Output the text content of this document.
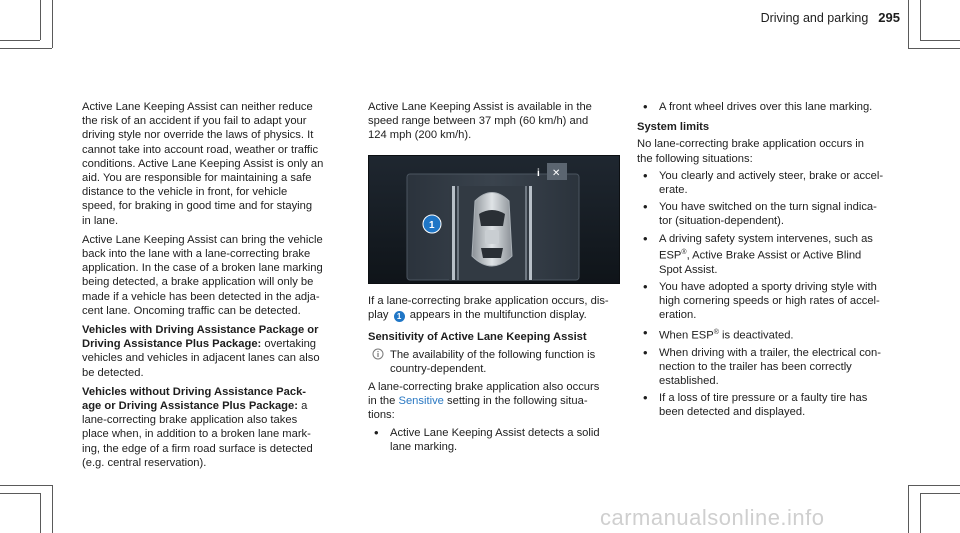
Driving and parking 295
Active Lane Keeping Assist can neither reduce
the risk of an accident if you fail to adapt your
driving style nor override the laws of physics. It
cannot take into account road, weather or traffic
conditions. Active Lane Keeping Assist is only an
aid. You are responsible for maintaining a safe
distance to the vehicle in front, for vehicle
speed, for braking in good time and for staying
in lane.
Active Lane Keeping Assist can bring the vehicle
back into the lane with a lane-correcting brake
application. In the case of a broken lane marking
being detected, a brake application will only be
made if a vehicle has been detected in the adja-
cent lane. Oncoming traffic can be detected.
Vehicles with Driving Assistance Package or
Driving Assistance Plus Package: overtaking
vehicles and vehicles in adjacent lanes can also
be detected.
Vehicles without Driving Assistance Pack-
age or Driving Assistance Plus Package: a
lane-correcting brake application also takes
place when, in addition to a broken lane mark-
ing, the edge of a firm road surface is detected
(e.g. central reservation).
Active Lane Keeping Assist is available in the
speed range between 37 mph (60 km/h) and
124 mph (200 km/h).
i ✕
1
If a lane-correcting brake application occurs, dis-
play 1 appears in the multifunction display.
Sensitivity of Active Lane Keeping Assist
The availability of the following function is
country-dependent.
A lane-correcting brake application also occurs
in the Sensitive setting in the following situa-
tions:
• Active Lane Keeping Assist detects a solid
lane marking.
• A front wheel drives over this lane marking.
System limits
No lane-correcting brake application occurs in
the following situations:
• You clearly and actively steer, brake or accel-
erate.
• You have switched on the turn signal indica-
tor (situation-dependent).
• A driving safety system intervenes, such as
ESP®, Active Brake Assist or Active Blind
Spot Assist.
• You have adopted a sporty driving style with
high cornering speeds or high rates of accel-
eration.
• When ESP® is deactivated.
• When driving with a trailer, the electrical con-
nection to the trailer has been correctly
established.
• If a loss of tire pressure or a faulty tire has
been detected and displayed.
carmanualsonline.info
